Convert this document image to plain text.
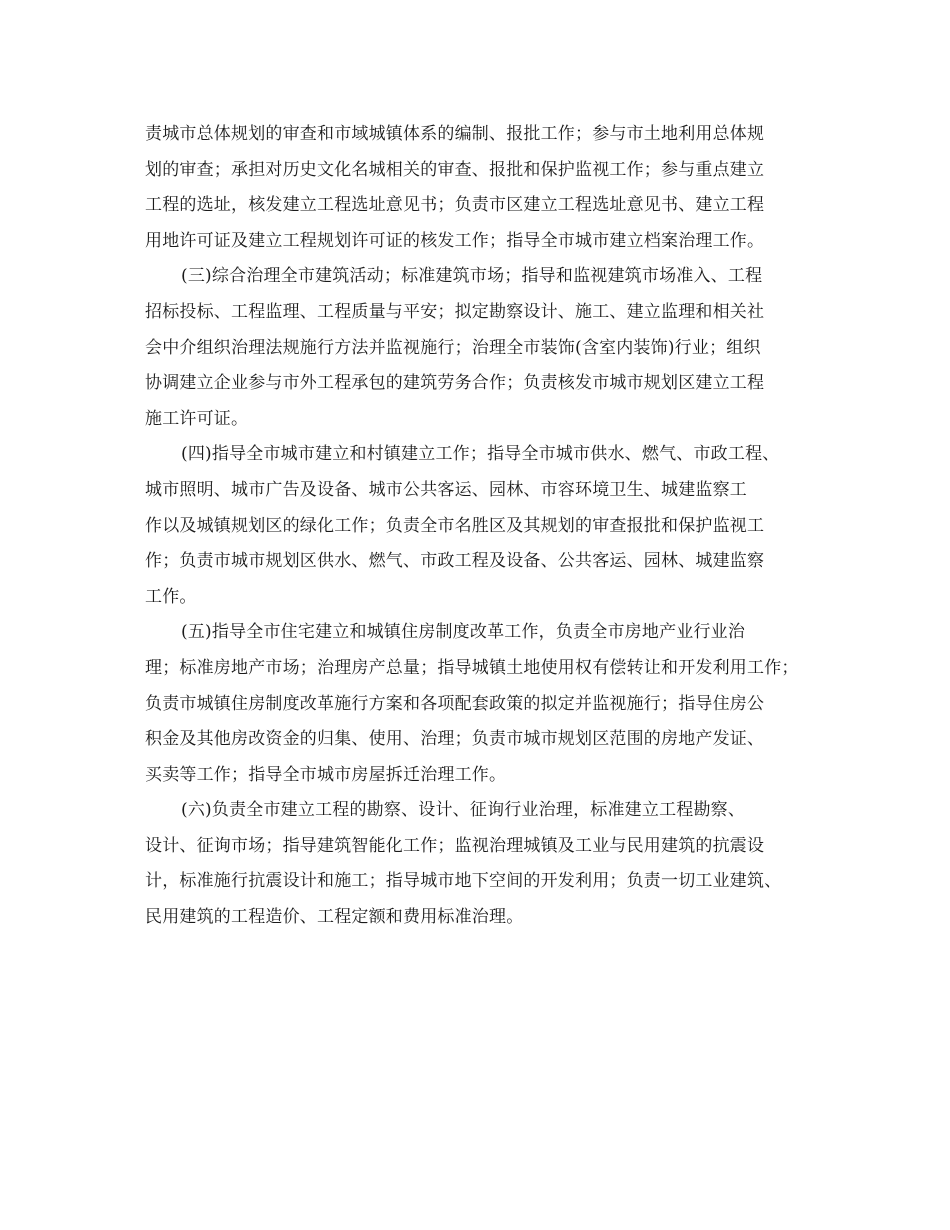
责城市总体规划的审查和市域城镇体系的编制、报批工作；参与市土地利用总体规
划的审查；承担对历史文化名城相关的审查、报批和保护监视工作；参与重点建立
工程的选址，核发建立工程选址意见书；负责市区建立工程选址意见书、建立工程
用地许可证及建立工程规划许可证的核发工作；指导全市城市建立档案治理工作。
(三)综合治理全市建筑活动；标准建筑市场；指导和监视建筑市场准入、工程
招标投标、工程监理、工程质量与平安；拟定勘察设计、施工、建立监理和相关社
会中介组织治理法规施行方法并监视施行；治理全市装饰(含室内装饰)行业；组织
协调建立企业参与市外工程承包的建筑劳务合作；负责核发市城市规划区建立工程
施工许可证。
(四)指导全市城市建立和村镇建立工作；指导全市城市供水、燃气、市政工程、
城市照明、城市广告及设备、城市公共客运、园林、市容环境卫生、城建监察工
作以及城镇规划区的绿化工作；负责全市名胜区及其规划的审查报批和保护监视工
作；负责市城市规划区供水、燃气、市政工程及设备、公共客运、园林、城建监察
工作。
(五)指导全市住宅建立和城镇住房制度改革工作，负责全市房地产业行业治
理；标准房地产市场；治理房产总量；指导城镇土地使用权有偿转让和开发利用工作；
负责市城镇住房制度改革施行方案和各项配套政策的拟定并监视施行；指导住房公
积金及其他房改资金的归集、使用、治理；负责市城市规划区范围的房地产发证、
买卖等工作；指导全市城市房屋拆迁治理工作。
(六)负责全市建立工程的勘察、设计、征询行业治理，标准建立工程勘察、
设计、征询市场；指导建筑智能化工作；监视治理城镇及工业与民用建筑的抗震设
计，标准施行抗震设计和施工；指导城市地下空间的开发利用；负责一切工业建筑、
民用建筑的工程造价、工程定额和费用标准治理。
